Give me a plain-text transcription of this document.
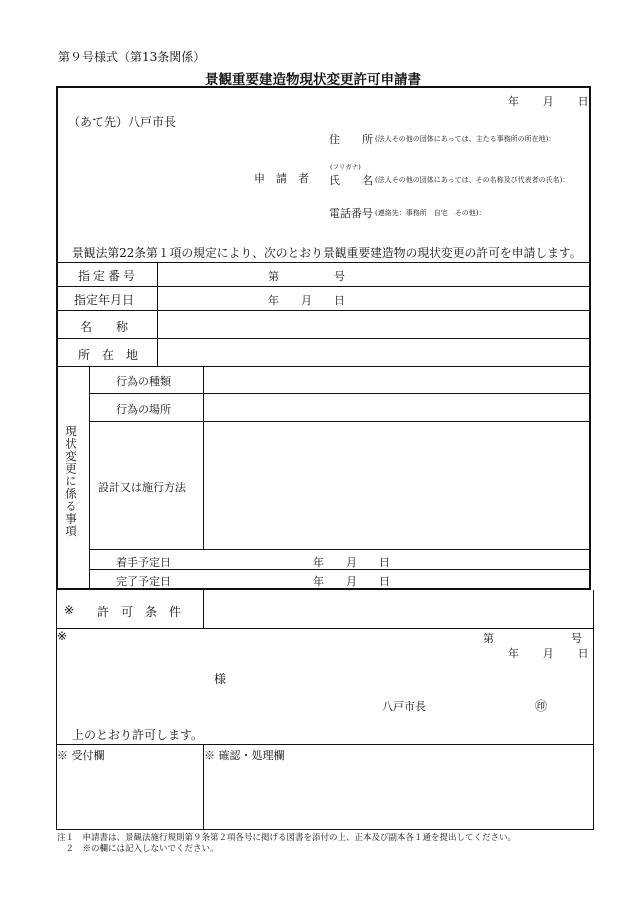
第９号様式（第13条関係）
景観重要建造物現状変更許可申請書
年　　月　　日
（あて先）八戸市長
住　　所 (法人その他の団体にあっては、主たる事務所の所在地)：
(フリガナ)
申　請　者 氏　　名 (法人その他の団体にあっては、その名称及び代表者の氏名)：
電話番号 (連絡先：事務所　自宅　その他)：
景観法第22条第１項の規定により、次のとおり景観重要建造物の現状変更の許可を申請します。
指定番号	第　　　　　号
指定年月日	年　　月　　日
名　　称
所　在　地
現状変更に係る事項
行為の種類
行為の場所
設計又は施行方法
着手予定日	年　　月　　日
完了予定日	年　　月　　日
※ 許　可　条　件
※	第　　　　　　　号
年　　月　　日
様
八戸市長	㊞
上のとおり許可します。
※ 受付欄	※ 確認・処理欄
注１　申請書は、景観法施行規則第９条第２項各号に掲げる図書を添付の上、正本及び副本各１通を提出してください。
　２　※の欄には記入しないでください。
